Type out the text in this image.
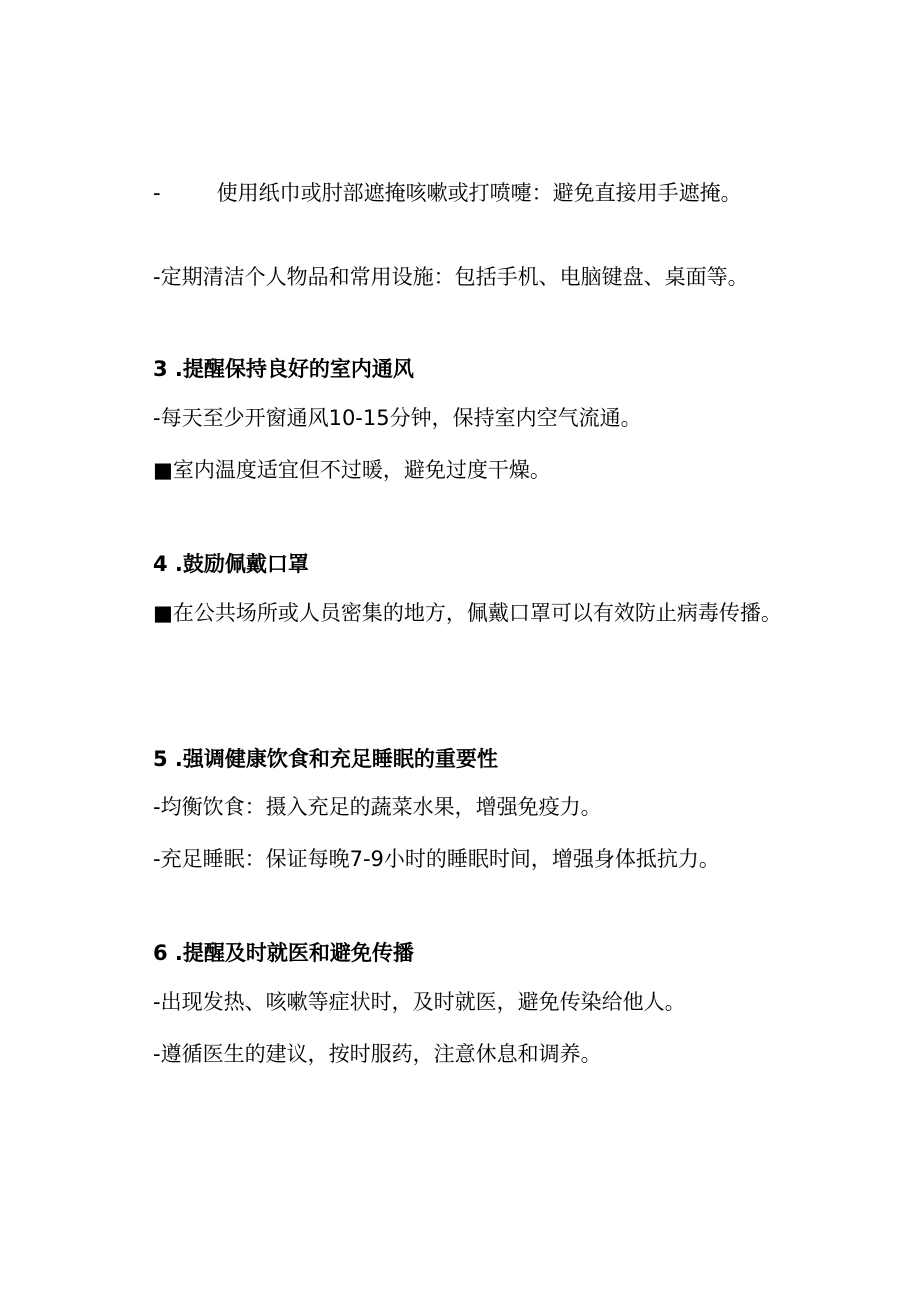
-	使用纸巾或肘部遮掩咳嗽或打喷嚏：避免直接用手遮掩。
-定期清洁个人物品和常用设施：包括手机、电脑键盘、桌面等。
3 .提醒保持良好的室内通风
-每天至少开窗通风10-15分钟，保持室内空气流通。
■室内温度适宜但不过暖，避免过度干燥。
4 .鼓励佩戴口罩
■在公共场所或人员密集的地方，佩戴口罩可以有效防止病毒传播。
5 .强调健康饮食和充足睡眠的重要性
-均衡饮食：摄入充足的蔬菜水果，增强免疫力。
-充足睡眠：保证每晚7-9小时的睡眠时间，增强身体抵抗力。
6 .提醒及时就医和避免传播
-出现发热、咳嗽等症状时，及时就医，避免传染给他人。
-遵循医生的建议，按时服药，注意休息和调养。
